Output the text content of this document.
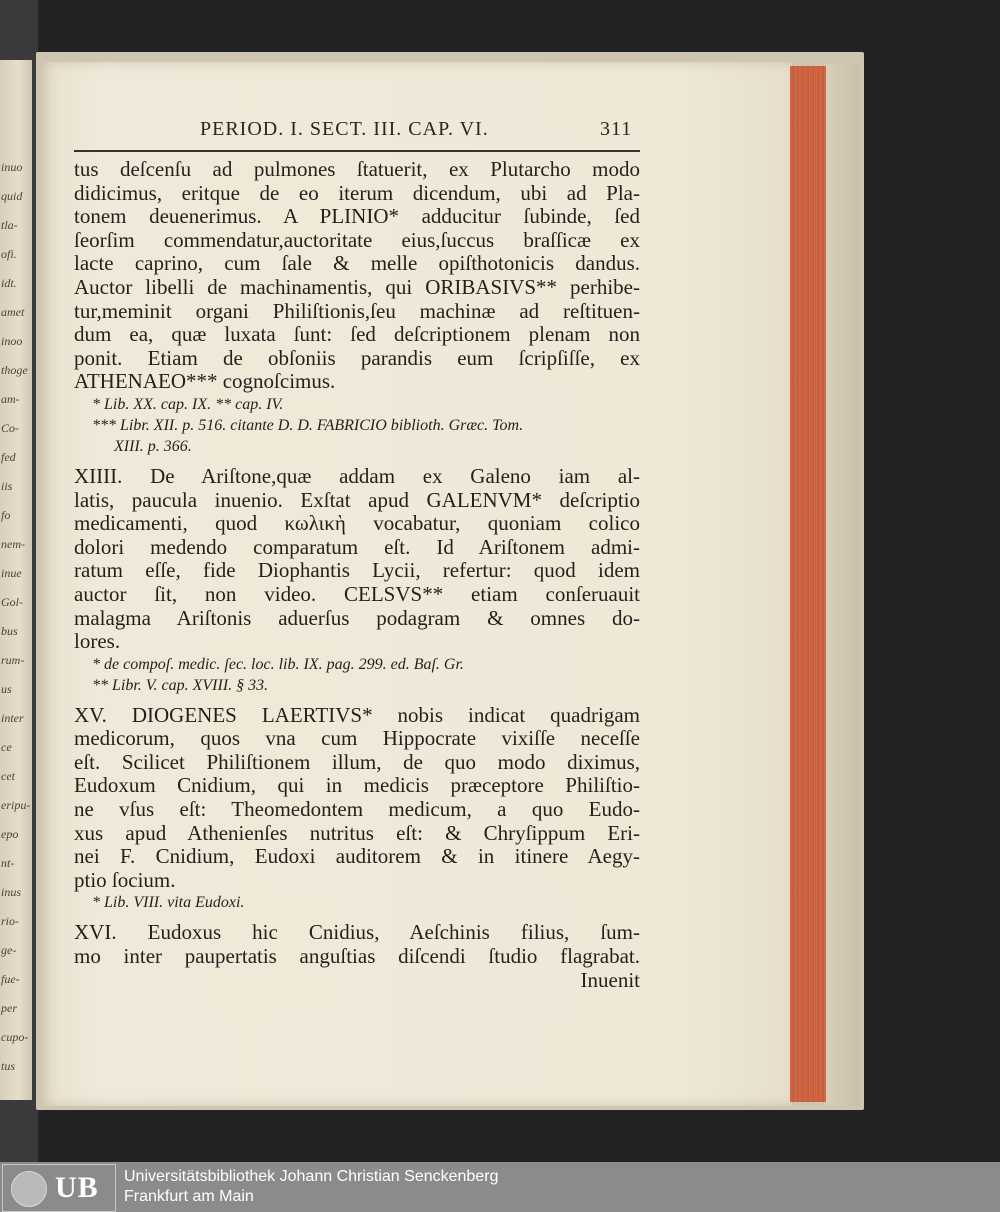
inuo
quid
tla-
ofi.
idt.
amet
inoo
thoge
am-
Co-
fed
iis
fo
nem-
inue
Gol-
bus
rum-
us
inter
ce
cet
eripu-
epo
nt-
inus
rio-
ge-
fue-
per
cupo-
tus
PERIOD. I. SECT. III. CAP. VI.	311
tus deſcenſu ad pulmones ſtatuerit, ex Plutarcho modo
didicimus, eritque de eo iterum dicendum, ubi ad Pla-
tonem deuenerimus. A PLINIO* adducitur ſubinde, ſed
ſeorſim commendatur,auctoritate eius,ſuccus braſſicæ ex
lacte caprino, cum ſale & melle opiſthotonicis dandus.
Auctor libelli de machinamentis, qui ORIBASIVS** perhibe-
tur,meminit organi Philiſtionis,ſeu machinæ ad reſtituen-
dum ea, quæ luxata ſunt: ſed deſcriptionem plenam non
ponit. Etiam de obſoniis parandis eum ſcripſiſſe, ex
ATHENAEO*** cognoſcimus.
* Lib. XX. cap. IX. ** cap. IV.
*** Libr. XII. p. 516. citante D. D. FABRICIO biblioth. Græc. Tom.
XIII. p. 366.
XIIII. De Ariſtone,quæ addam ex Galeno iam al-
latis, paucula inuenio. Exſtat apud GALENVM* deſcriptio
medicamenti, quod κωλικὴ vocabatur, quoniam colico
dolori medendo comparatum eſt. Id Ariſtonem admi-
ratum eſſe, fide Diophantis Lycii, refertur: quod idem
auctor ſit, non video. CELSVS** etiam conſeruauit
malagma Ariſtonis aduerſus podagram & omnes do-
lores.
* de compoſ. medic. ſec. loc. lib. IX. pag. 299. ed. Baſ. Gr.
** Libr. V. cap. XVIII. § 33.
XV. DIOGENES LAERTIVS* nobis indicat quadrigam
medicorum, quos vna cum Hippocrate vixiſſe neceſſe
eſt. Scilicet Philiſtionem illum, de quo modo diximus,
Eudoxum Cnidium, qui in medicis præceptore Philiſtio-
ne vſus eſt: Theomedontem medicum, a quo Eudo-
xus apud Athenienſes nutritus eſt: & Chryſippum Eri-
nei F. Cnidium, Eudoxi auditorem & in itinere Aegy-
ptio ſocium.
* Lib. VIII. vita Eudoxi.
XVI. Eudoxus hic Cnidius, Aeſchinis filius, ſum-
mo inter paupertatis anguſtias diſcendi ſtudio flagrabat.
Inuenit
UB Universitätsbibliothek Johann Christian Senckenberg
Frankfurt am Main
